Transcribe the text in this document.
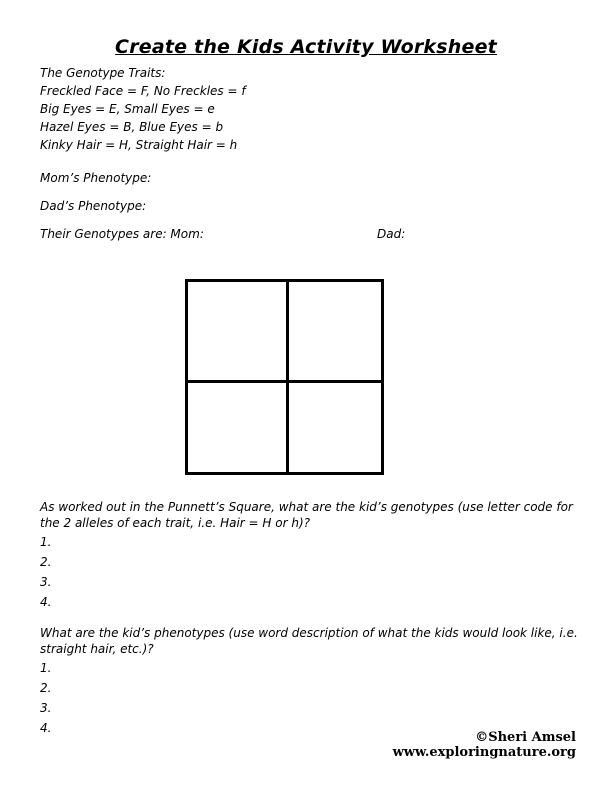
Create the Kids Activity Worksheet
The Genotype Traits:
Freckled Face = F, No Freckles = f
Big Eyes = E, Small Eyes = e
Hazel Eyes = B, Blue Eyes = b
Kinky Hair = H, Straight Hair = h
Mom’s Phenotype:
Dad’s Phenotype:
Their Genotypes are: Mom:	Dad:
As worked out in the Punnett’s Square, what are the kid’s genotypes (use letter code for the 2 alleles of each trait, i.e. Hair = H or h)?
1.
2.
3.
4.
What are the kid’s phenotypes (use word description of what the kids would look like, i.e. straight hair, etc.)?
1.
2.
3.
4.
©Sheri Amsel
www.exploringnature.org
